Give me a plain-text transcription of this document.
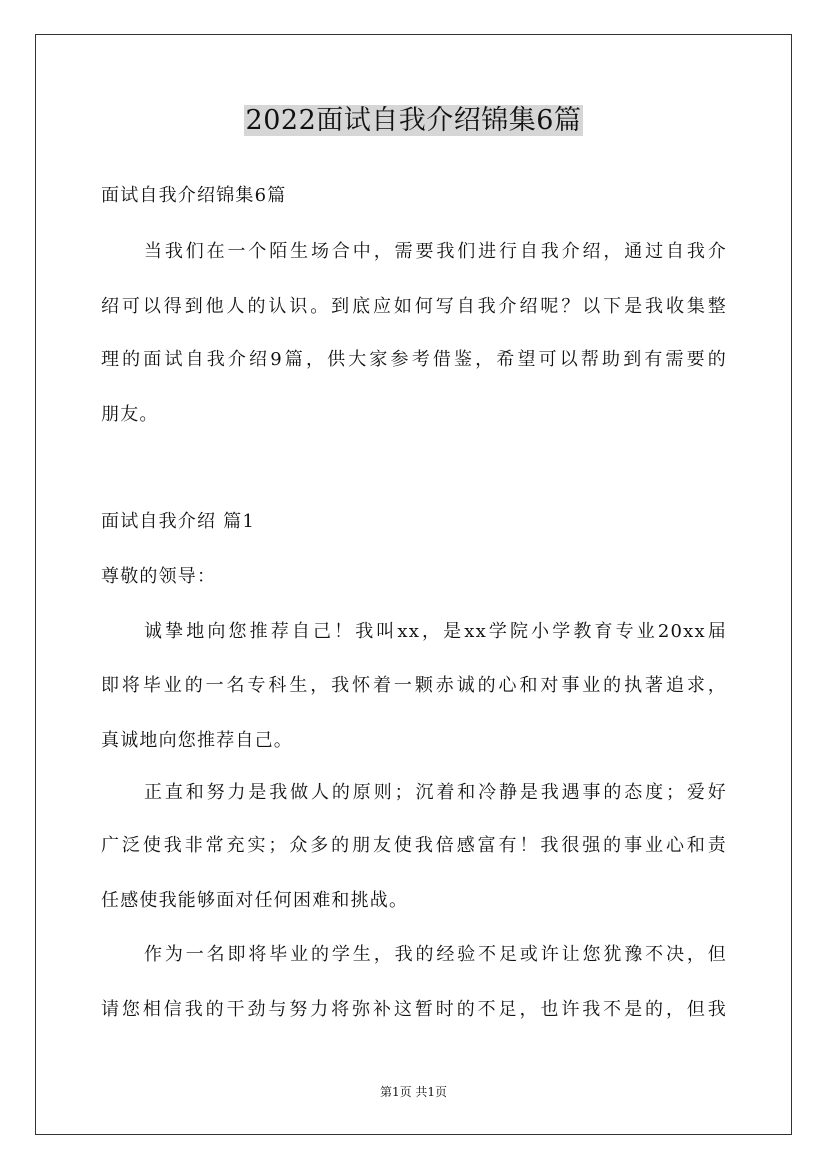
2022面试自我介绍锦集6篇
面试自我介绍锦集6篇
当我们在一个陌生场合中，需要我们进行自我介绍，通过自我介
绍可以得到他人的认识。到底应如何写自我介绍呢？以下是我收集整
理的面试自我介绍9篇，供大家参考借鉴，希望可以帮助到有需要的
朋友。
面试自我介绍 篇1
尊敬的领导：
诚挚地向您推荐自己！我叫xx，是xx学院小学教育专业20xx届
即将毕业的一名专科生，我怀着一颗赤诚的心和对事业的执著追求，
真诚地向您推荐自己。
正直和努力是我做人的原则；沉着和冷静是我遇事的态度；爱好
广泛使我非常充实；众多的朋友使我倍感富有！我很强的事业心和责
任感使我能够面对任何困难和挑战。
作为一名即将毕业的学生，我的经验不足或许让您犹豫不决，但
请您相信我的干劲与努力将弥补这暂时的不足，也许我不是的，但我
第1页 共1页
